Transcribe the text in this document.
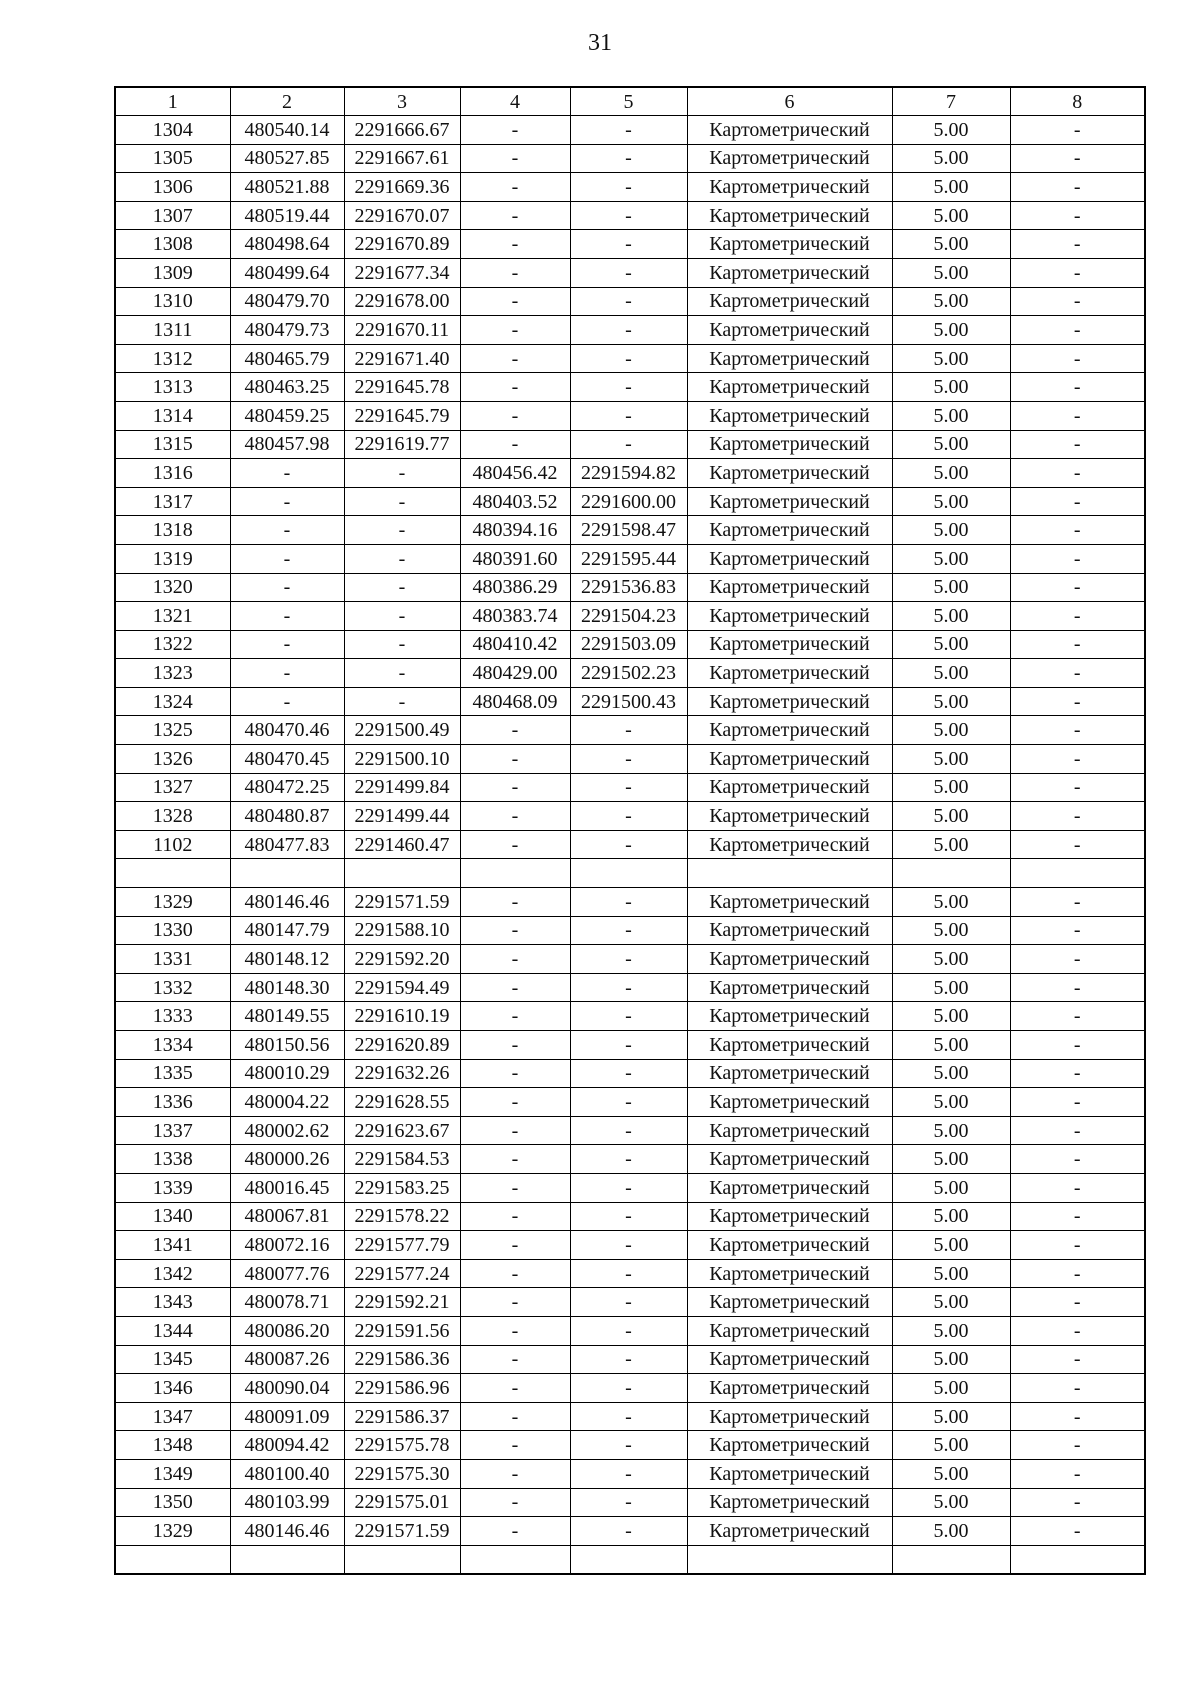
31
1	2	3	4	5	6	7	8
1304	480540.14	2291666.67	-	-	Картометрический	5.00	-
1305	480527.85	2291667.61	-	-	Картометрический	5.00	-
1306	480521.88	2291669.36	-	-	Картометрический	5.00	-
1307	480519.44	2291670.07	-	-	Картометрический	5.00	-
1308	480498.64	2291670.89	-	-	Картометрический	5.00	-
1309	480499.64	2291677.34	-	-	Картометрический	5.00	-
1310	480479.70	2291678.00	-	-	Картометрический	5.00	-
1311	480479.73	2291670.11	-	-	Картометрический	5.00	-
1312	480465.79	2291671.40	-	-	Картометрический	5.00	-
1313	480463.25	2291645.78	-	-	Картометрический	5.00	-
1314	480459.25	2291645.79	-	-	Картометрический	5.00	-
1315	480457.98	2291619.77	-	-	Картометрический	5.00	-
1316	-	-	480456.42	2291594.82	Картометрический	5.00	-
1317	-	-	480403.52	2291600.00	Картометрический	5.00	-
1318	-	-	480394.16	2291598.47	Картометрический	5.00	-
1319	-	-	480391.60	2291595.44	Картометрический	5.00	-
1320	-	-	480386.29	2291536.83	Картометрический	5.00	-
1321	-	-	480383.74	2291504.23	Картометрический	5.00	-
1322	-	-	480410.42	2291503.09	Картометрический	5.00	-
1323	-	-	480429.00	2291502.23	Картометрический	5.00	-
1324	-	-	480468.09	2291500.43	Картометрический	5.00	-
1325	480470.46	2291500.49	-	-	Картометрический	5.00	-
1326	480470.45	2291500.10	-	-	Картометрический	5.00	-
1327	480472.25	2291499.84	-	-	Картометрический	5.00	-
1328	480480.87	2291499.44	-	-	Картометрический	5.00	-
1102	480477.83	2291460.47	-	-	Картометрический	5.00	-

1329	480146.46	2291571.59	-	-	Картометрический	5.00	-
1330	480147.79	2291588.10	-	-	Картометрический	5.00	-
1331	480148.12	2291592.20	-	-	Картометрический	5.00	-
1332	480148.30	2291594.49	-	-	Картометрический	5.00	-
1333	480149.55	2291610.19	-	-	Картометрический	5.00	-
1334	480150.56	2291620.89	-	-	Картометрический	5.00	-
1335	480010.29	2291632.26	-	-	Картометрический	5.00	-
1336	480004.22	2291628.55	-	-	Картометрический	5.00	-
1337	480002.62	2291623.67	-	-	Картометрический	5.00	-
1338	480000.26	2291584.53	-	-	Картометрический	5.00	-
1339	480016.45	2291583.25	-	-	Картометрический	5.00	-
1340	480067.81	2291578.22	-	-	Картометрический	5.00	-
1341	480072.16	2291577.79	-	-	Картометрический	5.00	-
1342	480077.76	2291577.24	-	-	Картометрический	5.00	-
1343	480078.71	2291592.21	-	-	Картометрический	5.00	-
1344	480086.20	2291591.56	-	-	Картометрический	5.00	-
1345	480087.26	2291586.36	-	-	Картометрический	5.00	-
1346	480090.04	2291586.96	-	-	Картометрический	5.00	-
1347	480091.09	2291586.37	-	-	Картометрический	5.00	-
1348	480094.42	2291575.78	-	-	Картометрический	5.00	-
1349	480100.40	2291575.30	-	-	Картометрический	5.00	-
1350	480103.99	2291575.01	-	-	Картометрический	5.00	-
1329	480146.46	2291571.59	-	-	Картометрический	5.00	-
